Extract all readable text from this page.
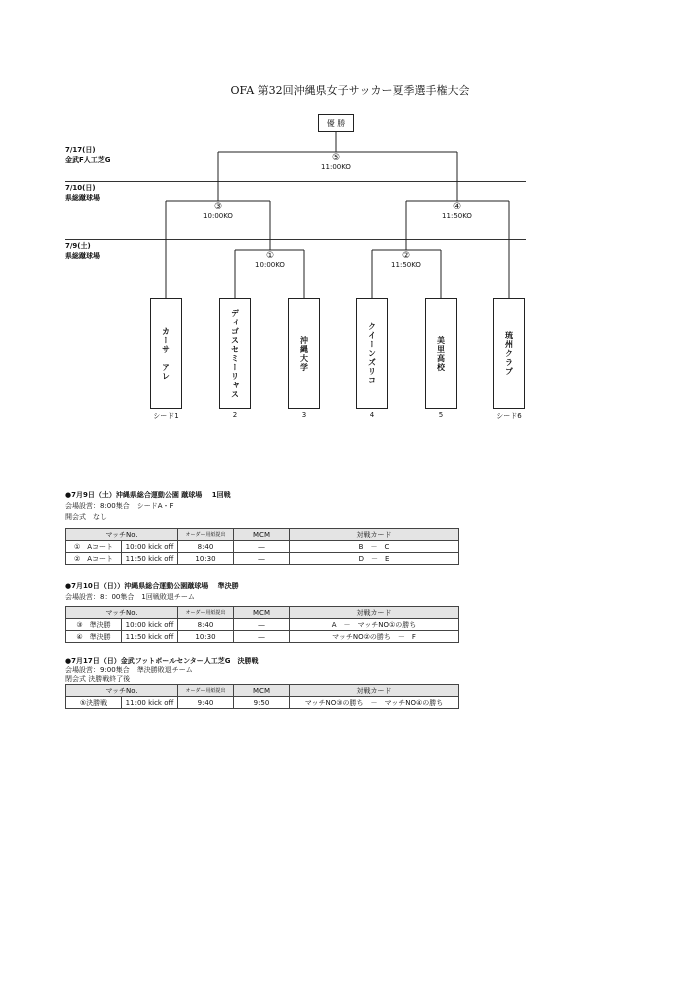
OFA 第32回沖縄県女子サッカー夏季選手権大会
優 勝
7/17(日)
金武F人工芝G
7/10(日)
県総蹴球場
7/9(土)
県総蹴球場
⑤
11:00KO
③
10:00KO
④
11:50KO
①
10:00KO
②
11:50KO
カーサ　アレ	ディゴスセミーリャス	沖縄大学	クイーンズリコ	美里高校	琉州クラブ
シード1	2	3	4	5	シード6
●7月9日（土）沖縄県総合運動公園 蹴球場　 1回戦
会場設営：8:00集合　シードA・F
開会式　なし
マッチNo.		オーダー用紙提出	MCM	対戦カード
①　 Aコート	10:00 kick off	8:40	—	B　－　C
②　 Aコート	11:50 kick off	10:30	—	D　－　E
●7月10日（日））沖縄県総合運動公園蹴球場　 準決勝
会場設営：8：00集合　1回戦敗退チーム
マッチNo.		オーダー用紙提出	MCM	対戦カード
③　 準決勝	10:00 kick off	8:40	—	A　－　マッチNO①の勝ち
④　 準決勝	11:50 kick off	10:30	—	マッチNO②の勝ち　－　F
●7月17日（日）金武フットボールセンター人工芝G　決勝戦
会場設営：9:00集合　準決勝敗退チーム
閉会式 決勝戦終了後
マッチNo.		オーダー用紙提出	MCM	対戦カード
⑤決勝戦	11:00 kick off	9:40	9:50	マッチNO③の勝ち　－　マッチNO④の勝ち
